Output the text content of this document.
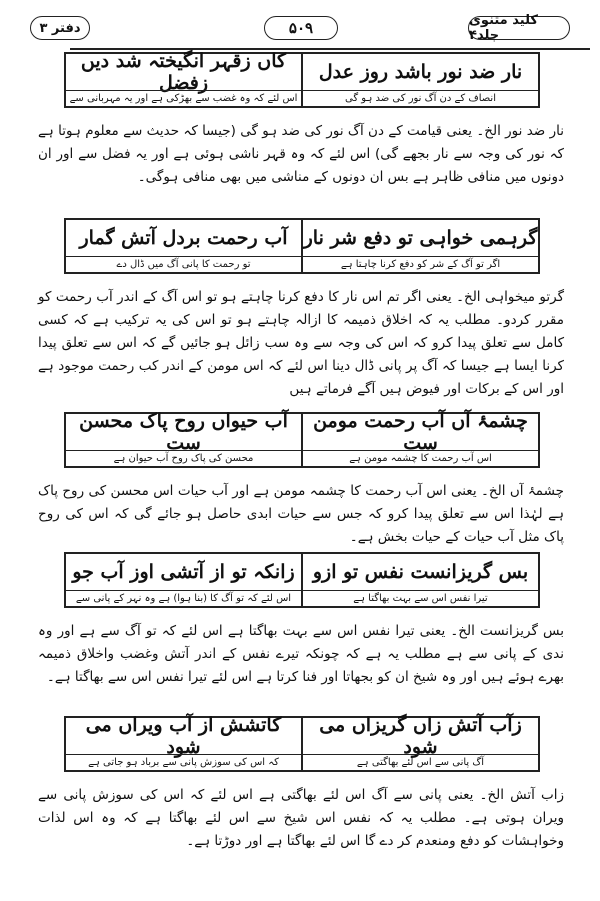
دفتر ۳	۵۰۹	کلید مثنوی جلد۴
نار ضد نور باشد روز عدل
کاں زقہر انگیختہ شد دیں زفضل
انصاف کے دن آگ نور کی ضد ہو گی
اس لئے کہ وہ غضب سے بھڑکی ہے اور یہ مہربانی سے
نار ضد نور الخ۔ یعنی قیامت کے دن آگ نور کی ضد ہو گی (جیسا کہ حدیث سے معلوم ہوتا ہے کہ نور کی وجہ سے نار بجھے گی) اس لئے کہ وہ قہر ناشی ہوئی ہے اور یہ فضل سے اور ان دونوں میں منافی ظاہر ہے بس ان دونوں کے مناشی میں بھی منافی ہوگی۔
گرہمی خواہی تو دفع شر نار
آب رحمت بردل آتش گمار
اگر تو آگ کے شر کو دفع کرنا چاہتا ہے
تو رحمت کا پانی آگ میں ڈال دے
گرتو میخواہی الخ۔ یعنی اگر تم اس نار کا دفع کرنا چاہتے ہو تو اس آگ کے اندر آب رحمت کو مقرر کردو۔ مطلب یہ کہ اخلاق ذمیمہ کا ازالہ چاہتے ہو تو اس کی یہ ترکیب ہے کہ کسی کامل سے تعلق پیدا کرو کہ اس کی وجہ سے وہ سب زائل ہو جائیں گے کہ اس سے تعلق پیدا کرنا ایسا ہے جیسا کہ آگ پر پانی ڈال دینا اس لئے کہ اس مومن کے اندر کب رحمت موجود ہے اور اس کے برکات اور فیوض ہیں آگے فرماتے ہیں
چشمۂ آں آب رحمت مومن ست
آب حیواں روح پاک محسن ست
اس آب رحمت کا چشمہ مومن ہے
محسن کی پاک روح آب حیوان ہے
چشمۂ آں الخ۔ یعنی اس آب رحمت کا چشمہ مومن ہے اور آب حیات اس محسن کی روح پاک ہے لہٰذا اس سے تعلق پیدا کرو کہ جس سے حیات ابدی حاصل ہو جائے گی کہ اس کی روح پاک مثل آب حیات کے حیات بخش ہے۔
بس گریزانست نفس تو ازو
زانکہ تو از آتشی اوز آب جو
تیرا نفس اس سے بہت بھاگتا ہے
اس لئے کہ تو آگ کا (بنا ہوا) ہے وہ نہر کے پانی سے
بس گریزانست الخ۔ یعنی تیرا نفس اس سے بہت بھاگتا ہے اس لئے کہ تو آگ سے ہے اور وہ ندی کے پانی سے ہے مطلب یہ ہے کہ چونکہ تیرے نفس کے اندر آتش وغضب واخلاق ذمیمہ بھرے ہوئے ہیں اور وہ شیخ ان کو بجھاتا اور فنا کرتا ہے اس لئے تیرا نفس اس سے بھاگتا ہے۔
زآب آتش زاں گریزاں می شود
کاتشش از آب ویراں می شود
آگ پانی سے اس لئے بھاگتی ہے
کہ اس کی سوزش پانی سے برباد ہو جاتی ہے
زاب آتش الخ۔ یعنی پانی سے آگ اس لئے بھاگتی ہے اس لئے کہ اس کی سوزش پانی سے ویران ہوتی ہے۔ مطلب یہ کہ نفس اس شیخ سے اس لئے بھاگتا ہے کہ وہ اس لذات وخواہشات کو دفع ومنعدم کر دے گا اس لئے بھاگتا ہے اور دوڑتا ہے۔
